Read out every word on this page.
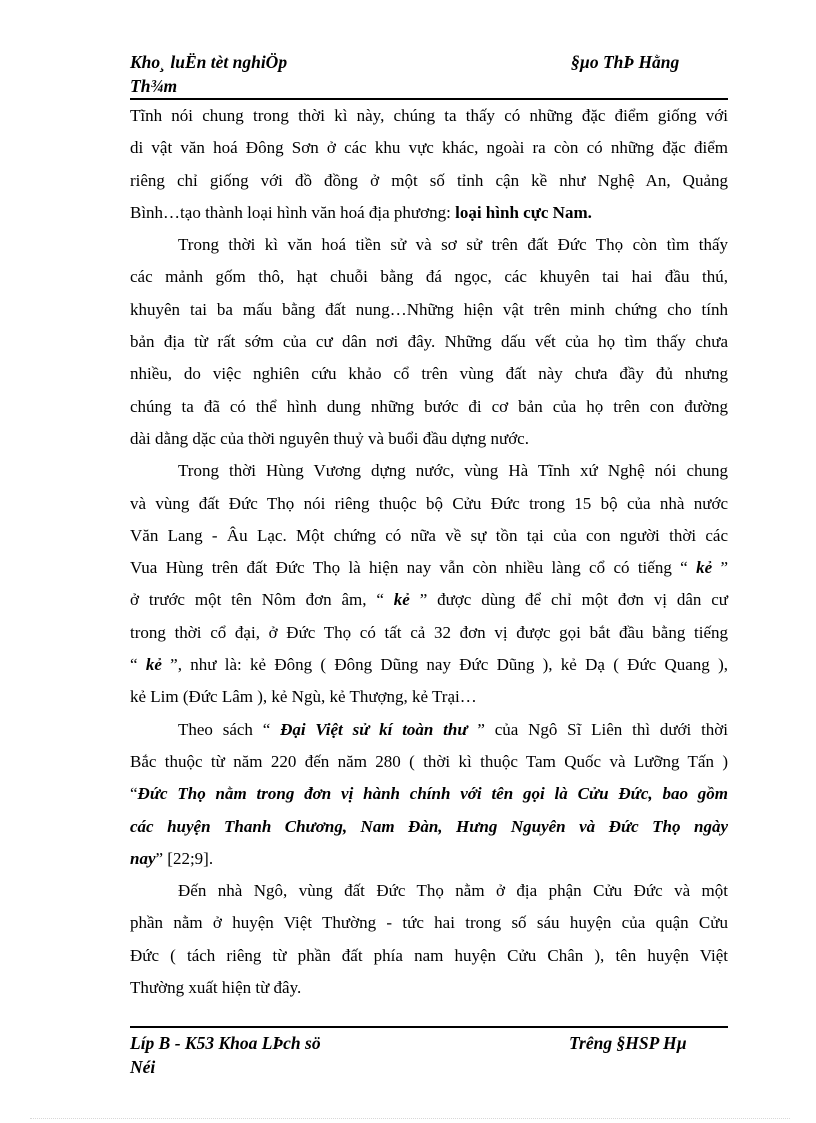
Kho¸ luËn tèt nghiÖp
Th¾m
§µo ThÞ Hằng
Tĩnh nói chung trong thời kì này, chúng ta thấy có những đặc điểm giống với
di vật văn hoá Đông Sơn ở các khu vực khác, ngoài ra còn có những đặc điểm
riêng chỉ giống với đồ đồng ở một số tỉnh cận kề như Nghệ An, Quảng
Bình…tạo thành loại hình văn hoá địa phương: loại hình cực Nam.
Trong thời kì văn hoá tiền sử và sơ sử trên đất Đức Thọ còn tìm thấy
các mảnh gốm thô, hạt chuỗi bằng đá ngọc, các khuyên tai hai đầu thú,
khuyên tai ba mấu bằng đất nung…Những hiện vật trên minh chứng cho tính
bản địa từ rất sớm của cư dân nơi đây. Những dấu vết của họ tìm thấy chưa
nhiều, do việc nghiên cứu khảo cổ trên vùng đất này chưa đầy đủ nhưng
chúng ta đã có thể hình dung những bước đi cơ bản của họ trên con đường
dài dằng dặc của thời nguyên thuỷ và buổi đầu dựng nước.
Trong thời Hùng Vương dựng nước, vùng Hà Tĩnh xứ Nghệ nói chung
và vùng đất Đức Thọ nói riêng thuộc bộ Cửu Đức trong 15 bộ của nhà nước
Văn Lang - Âu Lạc. Một chứng có nữa về sự tồn tại của con người thời các
Vua Hùng trên đất Đức Thọ là hiện nay vẫn còn nhiều làng cổ có tiếng “ kẻ ”
ở trước một tên Nôm đơn âm, “ kẻ ” được dùng để chỉ một đơn vị dân cư
trong thời cổ đại, ở Đức Thọ có tất cả 32 đơn vị được gọi bắt đầu bằng tiếng
“ kẻ ”, như là: kẻ Đông ( Đông Dũng nay Đức Dũng ), kẻ Dạ ( Đức Quang ),
kẻ Lim (Đức Lâm ), kẻ Ngù, kẻ Thượng, kẻ Trại…
Theo sách “ Đại Việt sử kí toàn thư ” của Ngô Sĩ Liên thì dưới thời
Bắc thuộc từ năm 220 đến năm 280 ( thời kì thuộc Tam Quốc và Lưỡng Tấn )
“Đức Thọ nằm trong đơn vị hành chính với tên gọi là Cửu Đức, bao gồm
các huyện Thanh Chương, Nam Đàn, Hưng Nguyên và Đức Thọ ngày
nay” [22;9].
Đến nhà Ngô, vùng đất Đức Thọ nằm ở địa phận Cửu Đức và một
phần nằm ở huyện Việt Thường - tức hai trong số sáu huyện của quận Cửu
Đức ( tách riêng từ phần đất phía nam huyện Cửu Chân ), tên huyện Việt
Thường xuất hiện từ đây.
Líp B - K53 Khoa LÞch sö
Néi
Trêng §HSP Hµ
